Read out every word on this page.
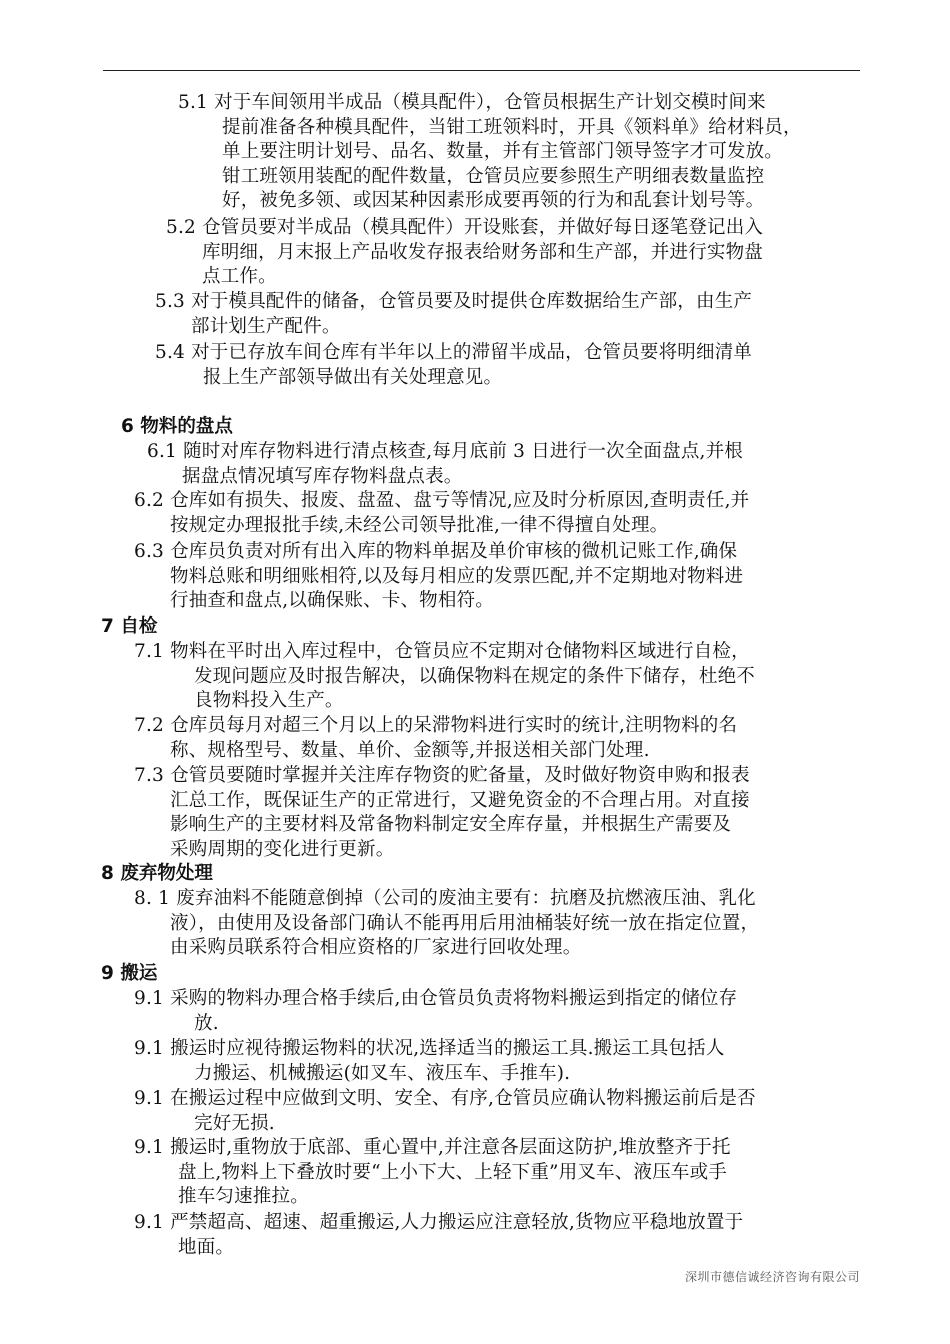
5.1 对于车间领用半成品（模具配件），仓管员根据生产计划交模时间来
提前准备各种模具配件，当钳工班领料时，开具《领料单》给材料员，
单上要注明计划号、品名、数量，并有主管部门领导签字才可发放。
钳工班领用装配的配件数量，仓管员应要参照生产明细表数量监控
好，被免多领、或因某种因素形成要再领的行为和乱套计划号等。
5.2 仓管员要对半成品（模具配件）开设账套，并做好每日逐笔登记出入
库明细，月末报上产品收发存报表给财务部和生产部，并进行实物盘
点工作。
5.3 对于模具配件的储备，仓管员要及时提供仓库数据给生产部，由生产
部计划生产配件。
5.4 对于已存放车间仓库有半年以上的滞留半成品，仓管员要将明细清单
报上生产部领导做出有关处理意见。
6 物料的盘点
6.1 随时对库存物料进行清点核查,每月底前 3 日进行一次全面盘点,并根
据盘点情况填写库存物料盘点表。
6.2 仓库如有损失、报废、盘盈、盘亏等情况,应及时分析原因,查明责任,并
按规定办理报批手续,未经公司领导批准,一律不得擅自处理。
6.3 仓库员负责对所有出入库的物料单据及单价审核的微机记账工作,确保
物料总账和明细账相符,以及每月相应的发票匹配,并不定期地对物料进
行抽查和盘点,以确保账、卡、物相符。
7 自检
7.1 物料在平时出入库过程中，仓管员应不定期对仓储物料区域进行自检，
发现问题应及时报告解决，以确保物料在规定的条件下储存，杜绝不
良物料投入生产。
7.2 仓库员每月对超三个月以上的呆滞物料进行实时的统计,注明物料的名
称、规格型号、数量、单价、金额等,并报送相关部门处理.
7.3 仓管员要随时掌握并关注库存物资的贮备量，及时做好物资申购和报表
汇总工作，既保证生产的正常进行，又避免资金的不合理占用。对直接
影响生产的主要材料及常备物料制定安全库存量，并根据生产需要及
采购周期的变化进行更新。
8 废弃物处理
8. 1 废弃油料不能随意倒掉（公司的废油主要有：抗磨及抗燃液压油、乳化
液），由使用及设备部门确认不能再用后用油桶装好统一放在指定位置，
由采购员联系符合相应资格的厂家进行回收处理。
9 搬运
9.1 采购的物料办理合格手续后,由仓管员负责将物料搬运到指定的储位存
放.
9.1 搬运时应视待搬运物料的状况,选择适当的搬运工具.搬运工具包括人
力搬运、机械搬运(如叉车、液压车、手推车).
9.1 在搬运过程中应做到文明、安全、有序,仓管员应确认物料搬运前后是否
完好无损.
9.1 搬运时,重物放于底部、重心置中,并注意各层面这防护,堆放整齐于托
盘上,物料上下叠放时要“上小下大、上轻下重”用叉车、液压车或手
推车匀速推拉。
9.1 严禁超高、超速、超重搬运,人力搬运应注意轻放,货物应平稳地放置于
地面。
深圳市德信诚经济咨询有限公司
